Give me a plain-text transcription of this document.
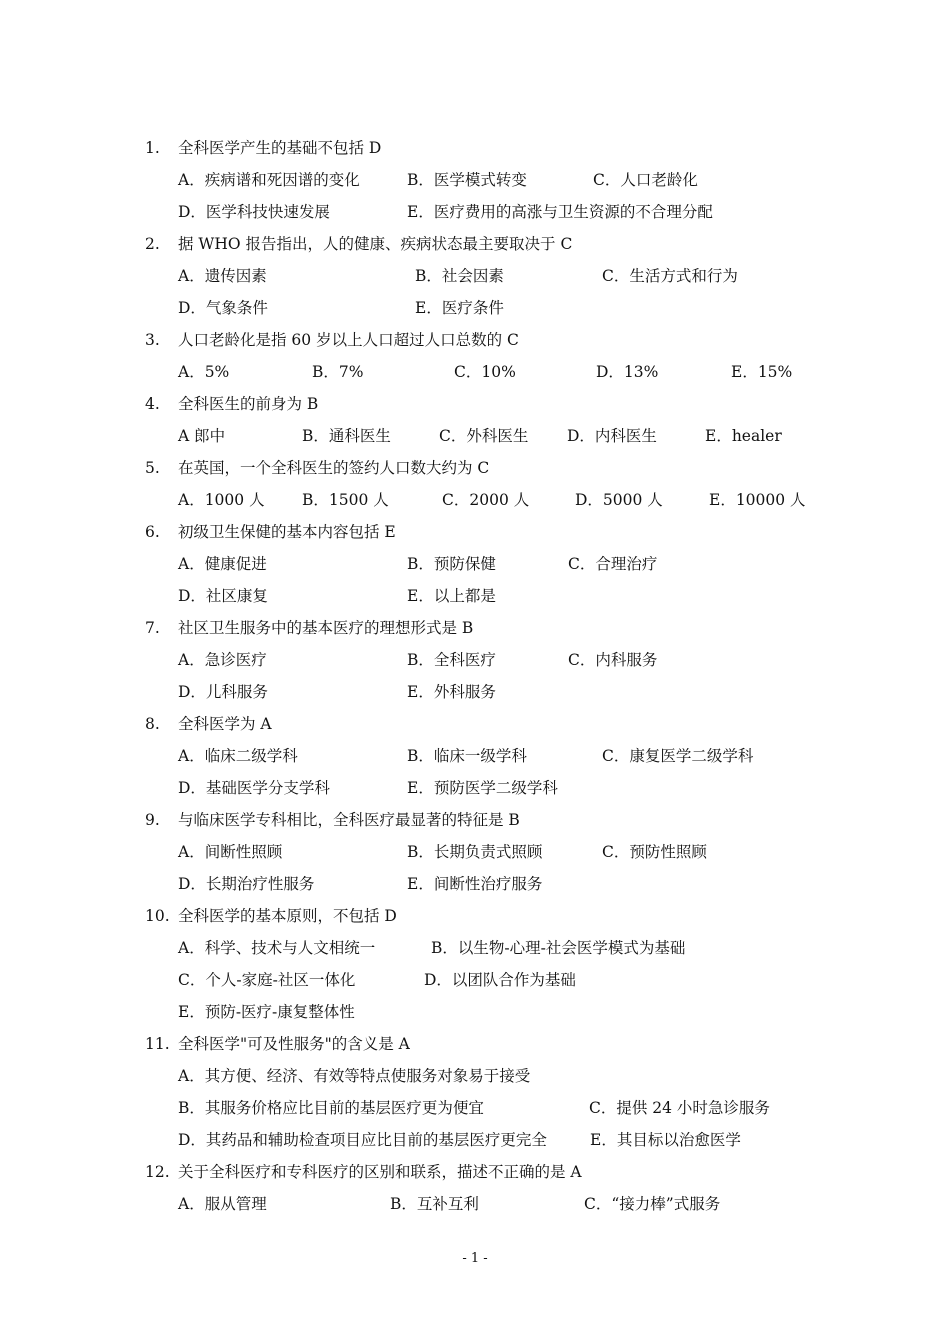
- 1 -
1. 全科医学产生的基础不包括 D
A．疾病谱和死因谱的变化	B．医学模式转变	C．人口老龄化
D．医学科技快速发展	E．医疗费用的高涨与卫生资源的不合理分配
2. 据 WHO 报告指出，人的健康、疾病状态最主要取决于 C
A．遗传因素	B．社会因素	C．生活方式和行为
D．气象条件	E．医疗条件
3. 人口老龄化是指 60 岁以上人口超过人口总数的 C
A．5%	B．7%	C．10%	D．13%	E．15%
4. 全科医生的前身为 B
A 郎中	B．通科医生	C．外科医生 D．内科医生	E．healer
5. 在英国，一个全科医生的签约人口数大约为 C
A．1000 人 B．1500 人	C．2000 人	D．5000 人	E．10000 人
6. 初级卫生保健的基本内容包括 E
A．健康促进	B．预防保健	C．合理治疗
D．社区康复	E．以上都是
7. 社区卫生服务中的基本医疗的理想形式是 B
A．急诊医疗	B．全科医疗	C．内科服务
D．儿科服务	E．外科服务
8. 全科医学为 A
A．临床二级学科	B．临床一级学科	C．康复医学二级学科
D．基础医学分支学科	E．预防医学二级学科
9. 与临床医学专科相比，全科医疗最显著的特征是 B
A．间断性照顾	B．长期负责式照顾	C．预防性照顾
D．长期治疗性服务	E．间断性治疗服务
10. 全科医学的基本原则，不包括 D
A．科学、技术与人文相统一	B．以生物-心理-社会医学模式为基础
C．个人-家庭-社区一体化	D．以团队合作为基础
E．预防-医疗-康复整体性
11. 全科医学"可及性服务"的含义是 A
A．其方便、经济、有效等特点使服务对象易于接受
B．其服务价格应比目前的基层医疗更为便宜	C．提供 24 小时急诊服务
D．其药品和辅助检查项目应比目前的基层医疗更完全	E．其目标以治愈医学
12. 关于全科医疗和专科医疗的区别和联系，描述不正确的是 A
A．服从管理	B．互补互利	C．“接力棒”式服务
